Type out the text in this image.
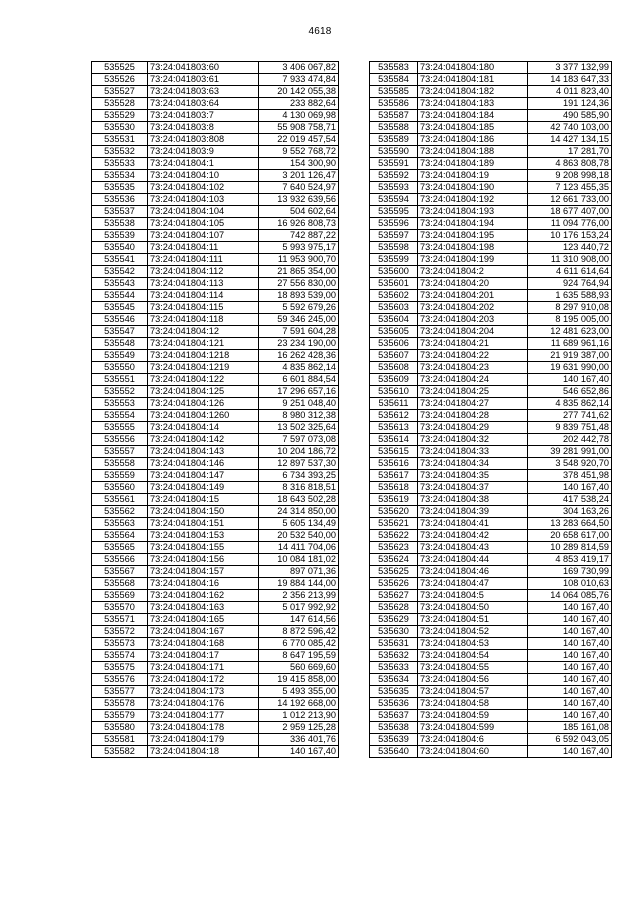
4618
535525	73:24:041803:60	3 406 067,82
535526	73:24:041803:61	7 933 474,84
535527	73:24:041803:63	20 142 055,38
535528	73:24:041803:64	233 882,64
535529	73:24:041803:7	4 130 069,98
535530	73:24:041803:8	55 908 758,71
535531	73:24:041803:808	22 019 457,54
535532	73:24:041803:9	9 552 768,72
535533	73:24:041804:1	154 300,90
535534	73:24:041804:10	3 201 126,47
535535	73:24:041804:102	7 640 524,97
535536	73:24:041804:103	13 932 639,56
535537	73:24:041804:104	504 602,64
535538	73:24:041804:105	16 926 808,73
535539	73:24:041804:107	742 887,22
535540	73:24:041804:11	5 993 975,17
535541	73:24:041804:111	11 953 900,70
535542	73:24:041804:112	21 865 354,00
535543	73:24:041804:113	27 556 830,00
535544	73:24:041804:114	18 893 539,00
535545	73:24:041804:115	5 592 679,26
535546	73:24:041804:118	59 346 245,00
535547	73:24:041804:12	7 591 604,28
535548	73:24:041804:121	23 234 190,00
535549	73:24:041804:1218	16 262 428,36
535550	73:24:041804:1219	4 835 862,14
535551	73:24:041804:122	6 601 884,54
535552	73:24:041804:125	17 296 657,16
535553	73:24:041804:126	9 251 048,40
535554	73:24:041804:1260	8 980 312,38
535555	73:24:041804:14	13 502 325,64
535556	73:24:041804:142	7 597 073,08
535557	73:24:041804:143	10 204 186,72
535558	73:24:041804:146	12 897 537,30
535559	73:24:041804:147	6 734 393,25
535560	73:24:041804:149	8 316 818,51
535561	73:24:041804:15	18 643 502,28
535562	73:24:041804:150	24 314 850,00
535563	73:24:041804:151	5 605 134,49
535564	73:24:041804:153	20 532 540,00
535565	73:24:041804:155	14 411 704,06
535566	73:24:041804:156	10 084 181,02
535567	73:24:041804:157	897 071,36
535568	73:24:041804:16	19 884 144,00
535569	73:24:041804:162	2 356 213,99
535570	73:24:041804:163	5 017 992,92
535571	73:24:041804:165	147 614,56
535572	73:24:041804:167	8 872 596,42
535573	73:24:041804:168	6 770 085,42
535574	73:24:041804:17	8 647 195,59
535575	73:24:041804:171	560 669,60
535576	73:24:041804:172	19 415 858,00
535577	73:24:041804:173	5 493 355,00
535578	73:24:041804:176	14 192 668,00
535579	73:24:041804:177	1 012 213,90
535580	73:24:041804:178	2 959 125,28
535581	73:24:041804:179	336 401,76
535582	73:24:041804:18	140 167,40
535583	73:24:041804:180	3 377 132,99
535584	73:24:041804:181	14 183 647,33
535585	73:24:041804:182	4 011 823,40
535586	73:24:041804:183	191 124,36
535587	73:24:041804:184	490 585,90
535588	73:24:041804:185	42 740 103,00
535589	73:24:041804:186	14 427 134,15
535590	73:24:041804:188	17 281,70
535591	73:24:041804:189	4 863 808,78
535592	73:24:041804:19	9 208 998,18
535593	73:24:041804:190	7 123 455,35
535594	73:24:041804:192	12 661 733,00
535595	73:24:041804:193	18 677 407,00
535596	73:24:041804:194	11 094 776,00
535597	73:24:041804:195	10 176 153,24
535598	73:24:041804:198	123 440,72
535599	73:24:041804:199	11 310 908,00
535600	73:24:041804:2	4 611 614,64
535601	73:24:041804:20	924 764,94
535602	73:24:041804:201	1 635 588,93
535603	73:24:041804:202	8 297 910,08
535604	73:24:041804:203	8 195 005,00
535605	73:24:041804:204	12 481 623,00
535606	73:24:041804:21	11 689 961,16
535607	73:24:041804:22	21 919 387,00
535608	73:24:041804:23	19 631 990,00
535609	73:24:041804:24	140 167,40
535610	73:24:041804:25	546 652,86
535611	73:24:041804:27	4 835 862,14
535612	73:24:041804:28	277 741,62
535613	73:24:041804:29	9 839 751,48
535614	73:24:041804:32	202 442,78
535615	73:24:041804:33	39 281 991,00
535616	73:24:041804:34	3 548 920,70
535617	73:24:041804:35	378 451,98
535618	73:24:041804:37	140 167,40
535619	73:24:041804:38	417 538,24
535620	73:24:041804:39	304 163,26
535621	73:24:041804:41	13 283 664,50
535622	73:24:041804:42	20 658 617,00
535623	73:24:041804:43	10 289 814,59
535624	73:24:041804:44	4 853 419,17
535625	73:24:041804:46	169 730,99
535626	73:24:041804:47	108 010,63
535627	73:24:041804:5	14 064 085,76
535628	73:24:041804:50	140 167,40
535629	73:24:041804:51	140 167,40
535630	73:24:041804:52	140 167,40
535631	73:24:041804:53	140 167,40
535632	73:24:041804:54	140 167,40
535633	73:24:041804:55	140 167,40
535634	73:24:041804:56	140 167,40
535635	73:24:041804:57	140 167,40
535636	73:24:041804:58	140 167,40
535637	73:24:041804:59	140 167,40
535638	73:24:041804:599	185 161,08
535639	73:24:041804:6	6 592 043,05
535640	73:24:041804:60	140 167,40
